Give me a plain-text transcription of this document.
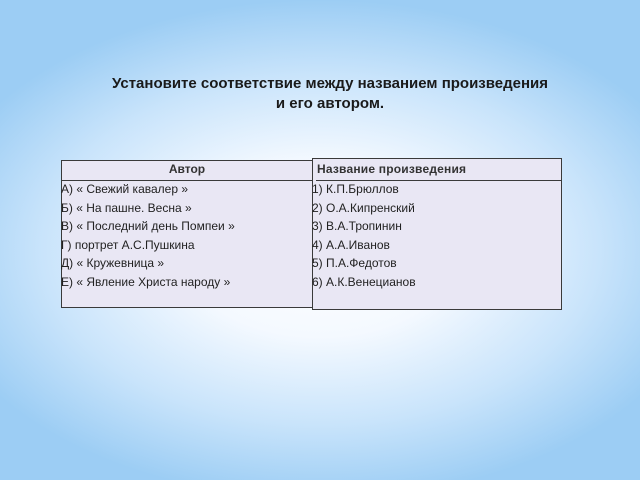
Установите соответствие между названием произведения
и его автором.
Автор	Название произведения
А) « Свежий кавалер »
Б) « На пашне. Весна »
В) « Последний день Помпеи »
Г) портрет А.С.Пушкина
Д) « Кружевница »
Е) « Явление Христа народу »
1) К.П.Брюллов
2) О.А.Кипренский
3) В.А.Тропинин
4) А.А.Иванов
5) П.А.Федотов
6) А.К.Венецианов
